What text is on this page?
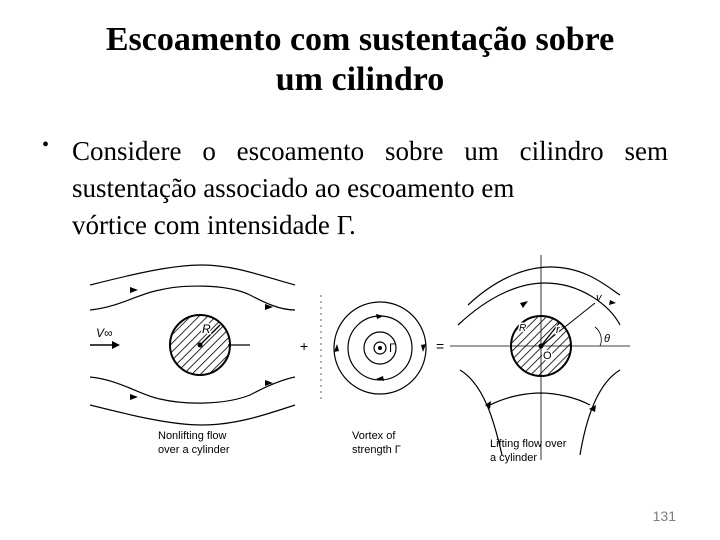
Escoamento com sustentação sobre
um cilindro
• Considere o escoamento sobre um cilindro sem sustentação associado ao escoamento em
vórtice com intensidade Γ.
V∞	R
Nonlifting flow
over a cylinder
+	Γ
Vortex of
strength Γ
=
r
θ
O
v
R
Lifting flow over
a cylinder
131
